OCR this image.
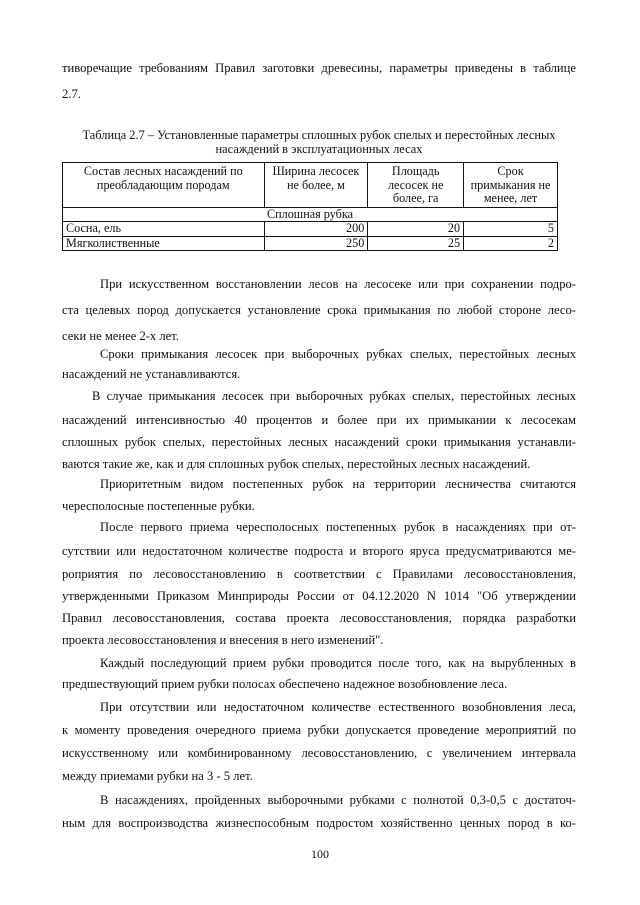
тиворечащие требованиям Правил заготовки древесины, параметры приведены в таблице
2.7.
Таблица 2.7 – Установленные параметры сплошных рубок спелых и перестойных лесных
насаждений в эксплуатационных лесах
Состав лесных насаждений по преобладающим породам	Ширина лесосек не более, м	Площадь лесосек не более, га	Срок примыкания не менее, лет
Сплошная рубка			
Сосна, ель	200	20	5
Мягколиственные	250	25	2
При искусственном восстановлении лесов на лесосеке или при сохранении подро-
ста целевых пород допускается установление срока примыкания по любой стороне лесо-
секи не менее 2-х лет.
Сроки примыкания лесосек при выборочных рубках спелых, перестойных лесных
насаждений не устанавливаются.
В случае примыкания лесосек при выборочных рубках спелых, перестойных лесных
насаждений интенсивностью 40 процентов и более при их примыкании к лесосекам
сплошных рубок спелых, перестойных лесных насаждений сроки примыкания устанавли-
ваются такие же, как и для сплошных рубок спелых, перестойных лесных насаждений.
Приоритетным видом постепенных рубок на территории лесничества считаются
чересполосные постепенные рубки.
После первого приема чересполосных постепенных рубок в насаждениях при от-
сутствии или недостаточном количестве подроста и второго яруса предусматриваются ме-
роприятия по лесовосстановлению в соответствии с Правилами лесовосстановления,
утвержденными Приказом Минприроды России от 04.12.2020 N 1014 "Об утверждении
Правил лесовосстановления, состава проекта лесовосстановления, порядка разработки
проекта лесовосстановления и внесения в него изменений".
Каждый последующий прием рубки проводится после того, как на вырубленных в
предшествующий прием рубки полосах обеспечено надежное возобновление леса.
При отсутствии или недостаточном количестве естественного возобновления леса,
к моменту проведения очередного приема рубки допускается проведение мероприятий по
искусственному или комбинированному лесовосстановлению, с увеличением интервала
между приемами рубки на 3 - 5 лет.
В насаждениях, пройденных выборочными рубками с полнотой 0,3-0,5 с достаточ-
ным для воспроизводства жизнеспособным подростом хозяйственно ценных пород в ко-
100
